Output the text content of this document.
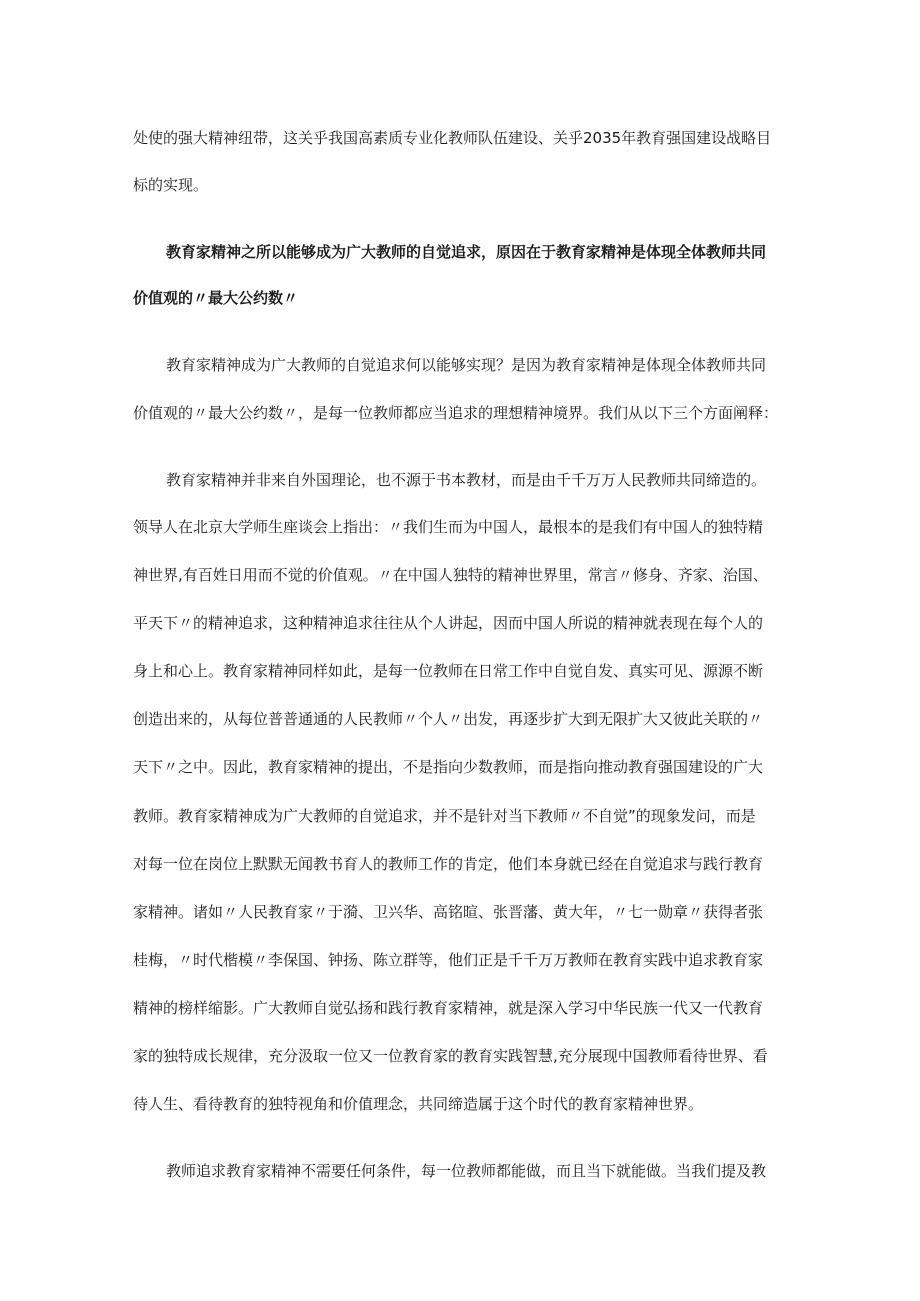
处使的强大精神纽带，这关乎我国高素质专业化教师队伍建设、关乎2035年教育强国建设战略目
标的实现。
教育家精神之所以能够成为广大教师的自觉追求，原因在于教育家精神是体现全体教师共同
价值观的〃最大公约数〃
教育家精神成为广大教师的自觉追求何以能够实现？是因为教育家精神是体现全体教师共同
价值观的〃最大公约数〃，是每一位教师都应当追求的理想精神境界。我们从以下三个方面阐释：
教育家精神并非来自外国理论，也不源于书本教材，而是由千千万万人民教师共同缔造的。
领导人在北京大学师生座谈会上指出：〃我们生而为中国人，最根本的是我们有中国人的独特精
神世界,有百姓日用而不觉的价值观。〃在中国人独特的精神世界里，常言〃修身、齐家、治国、
平天下〃的精神追求，这种精神追求往往从个人讲起，因而中国人所说的精神就表现在每个人的
身上和心上。教育家精神同样如此，是每一位教师在日常工作中自觉自发、真实可见、源源不断
创造出来的，从每位普普通通的人民教师〃个人〃出发，再逐步扩大到无限扩大又彼此关联的〃
天下〃之中。因此，教育家精神的提出，不是指向少数教师，而是指向推动教育强国建设的广大
教师。教育家精神成为广大教师的自觉追求，并不是针对当下教师〃不自觉”的现象发问，而是
对每一位在岗位上默默无闻教书育人的教师工作的肯定，他们本身就已经在自觉追求与践行教育
家精神。诸如〃人民教育家〃于漪、卫兴华、高铭暄、张晋藩、黄大年，〃七一勋章〃获得者张
桂梅，〃时代楷模〃李保国、钟扬、陈立群等，他们正是千千万万教师在教育实践中追求教育家
精神的榜样缩影。广大教师自觉弘扬和践行教育家精神，就是深入学习中华民族一代又一代教育
家的独特成长规律，充分汲取一位又一位教育家的教育实践智慧,充分展现中国教师看待世界、看
待人生、看待教育的独特视角和价值理念，共同缔造属于这个时代的教育家精神世界。
教师追求教育家精神不需要任何条件，每一位教师都能做，而且当下就能做。当我们提及教
